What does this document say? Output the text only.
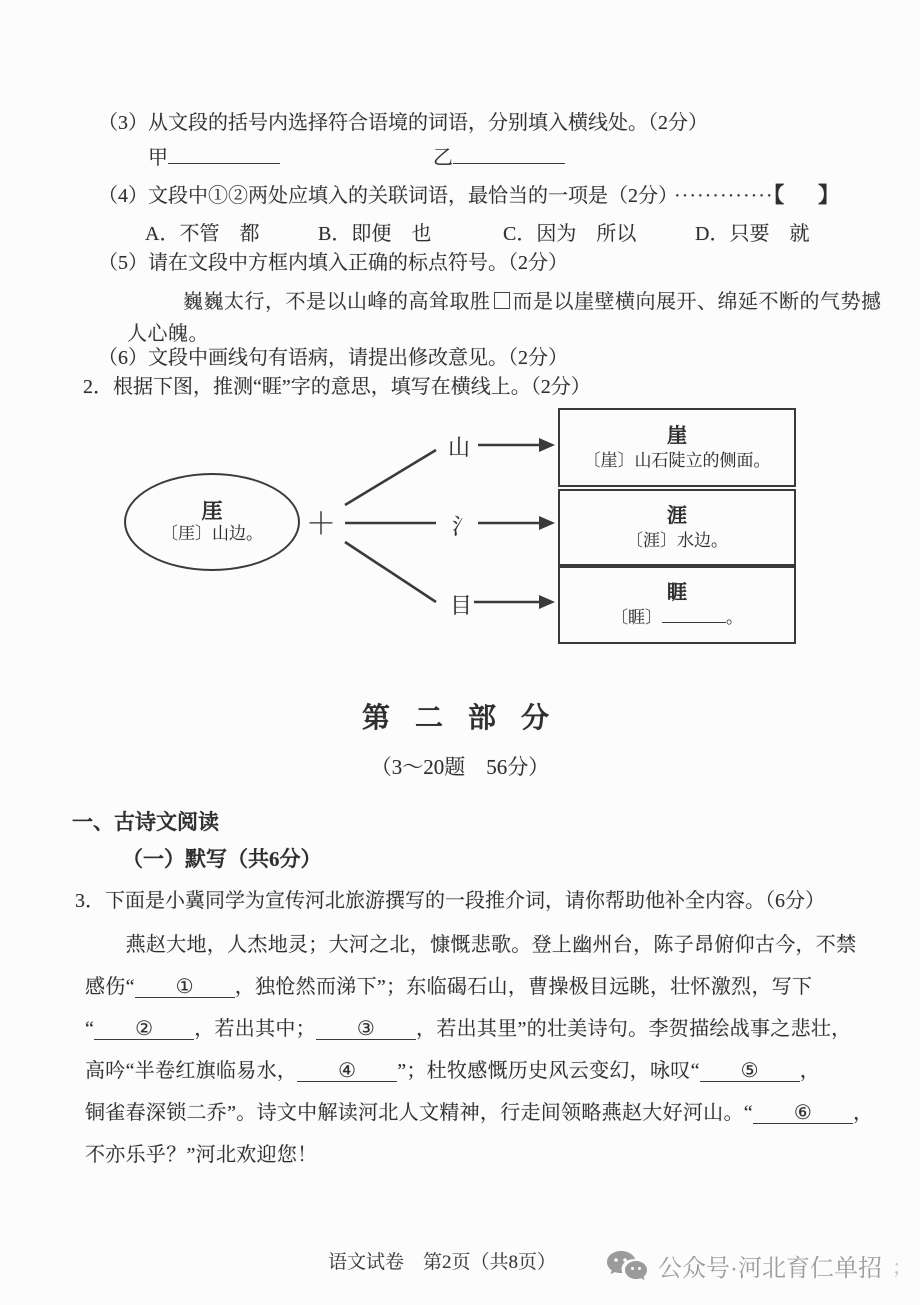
（3）从文段的括号内选择符合语境的词语，分别填入横线处。（2分）
甲	乙
（4）文段中①②两处应填入的关联词语，最恰当的一项是（2分） ·············【 】
A．不管　都	B．即便　也	C．因为　所以	D．只要　就
（5）请在文段中方框内填入正确的标点符号。（2分）
巍巍太行，不是以山峰的高耸取胜 而是以崖壁横向展开、绵延不断的气势撼
人心魄。
（6）文段中画线句有语病，请提出修改意见。（2分）
2．根据下图，推测“睚”字的意思，填写在横线上。（2分）
厓
〔厓〕山边。 ＋
山
氵
目
崖
〔崖〕山石陡立的侧面。
涯
〔涯〕水边。
睚
〔睚〕	。
第 二 部 分
（3～20题　56分）
一、古诗文阅读
（一）默写（共6分）
3．下面是小冀同学为宣传河北旅游撰写的一段推介词，请你帮助他补全内容。（6分）
　　燕赵大地，人杰地灵；大河之北，慷慨悲歌。登上幽州台，陈子昂俯仰古今，不禁
感伤“ ① ，独怆然而涕下”；东临碣石山，曹操极目远眺，壮怀激烈，写下
“ ② ，若出其中； ③ ，若出其里”的壮美诗句。李贺描绘战事之悲壮，
高吟“半卷红旗临易水， ④ ”；杜牧感慨历史风云变幻，咏叹“ ⑤ ，
铜雀春深锁二乔”。诗文中解读河北人文精神，行走间领略燕赵大好河山。“ ⑥ ，
不亦乐乎？”河北欢迎您！
语文试卷　第2页（共8页）	公众号·河北育仁单招 ；
